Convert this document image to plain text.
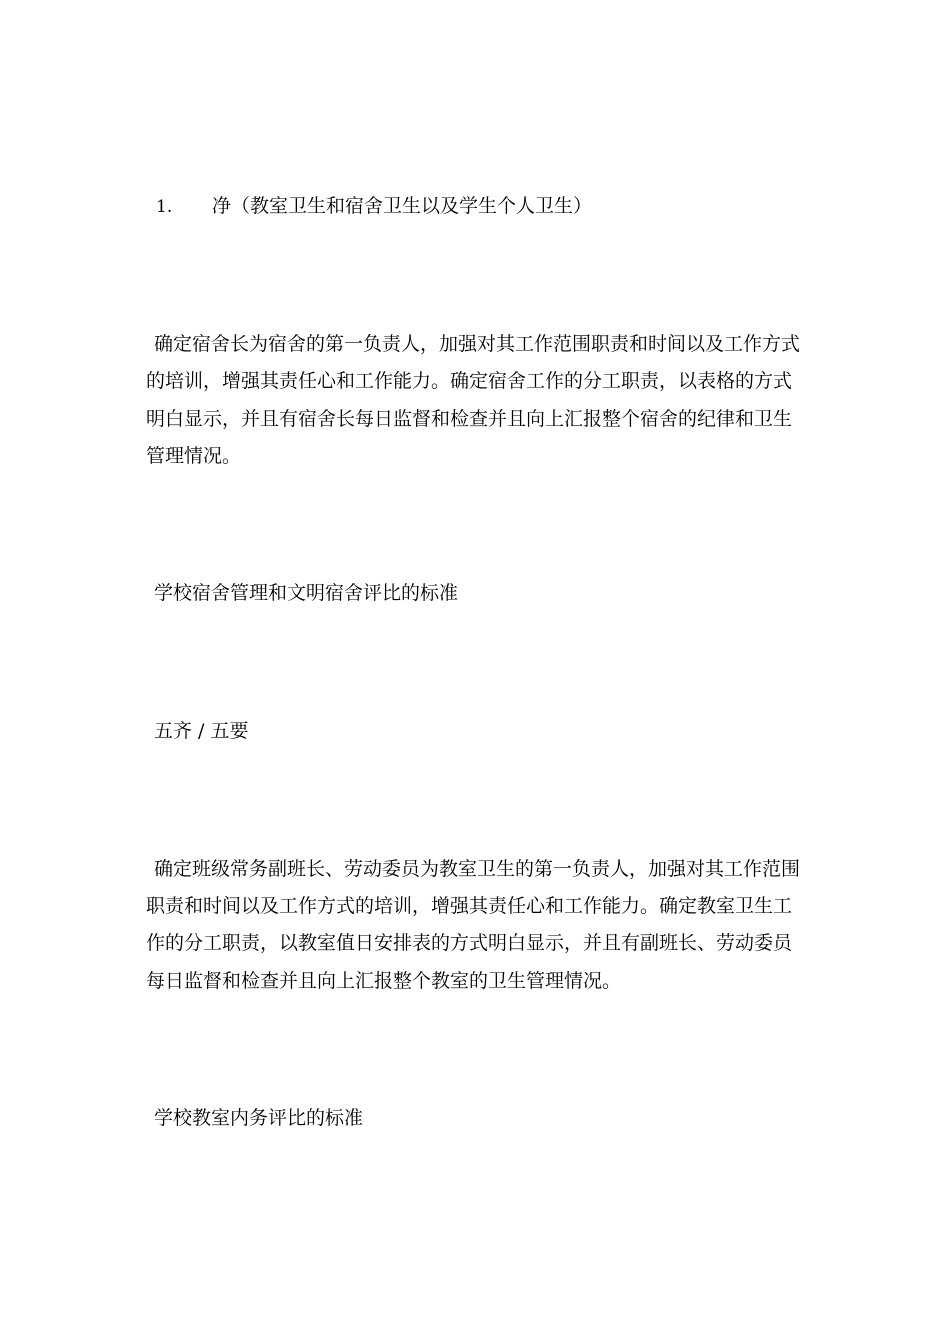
1. 净（教室卫生和宿舍卫生以及学生个人卫生）
确定宿舍长为宿舍的第一负责人，加强对其工作范围职责和时间以及工作方式
的培训，增强其责任心和工作能力。确定宿舍工作的分工职责，以表格的方式
明白显示，并且有宿舍长每日监督和检查并且向上汇报整个宿舍的纪律和卫生
管理情况。
学校宿舍管理和文明宿舍评比的标准
五齐 / 五要
确定班级常务副班长、劳动委员为教室卫生的第一负责人，加强对其工作范围
职责和时间以及工作方式的培训，增强其责任心和工作能力。确定教室卫生工
作的分工职责，以教室值日安排表的方式明白显示，并且有副班长、劳动委员
每日监督和检查并且向上汇报整个教室的卫生管理情况。
学校教室内务评比的标准
